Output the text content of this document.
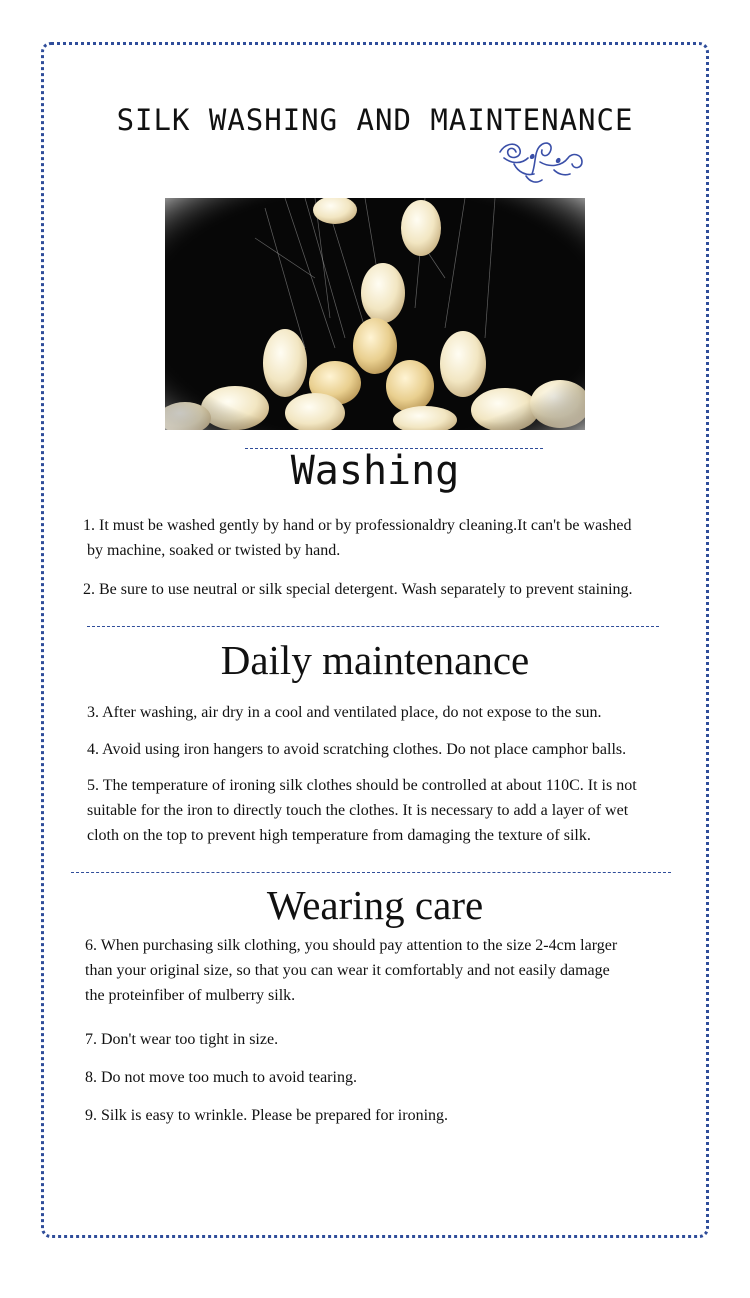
SILK WASHING AND MAINTENANCE
Washing

1. It must be washed gently by hand or by professionaldry cleaning.It can't be washed
by machine, soaked or twisted by hand.

2. Be sure to use neutral or silk special detergent. Wash separately to prevent staining.

Daily maintenance

3. After washing, air dry in a cool and ventilated place, do not expose to the sun.

4. Avoid using iron hangers to avoid scratching clothes. Do not place camphor balls.

5. The temperature of ironing silk clothes should be controlled at about 110C. It is not
suitable for the iron to directly touch the clothes. It is necessary to add a layer of wet
cloth on the top to prevent high temperature from damaging the texture of silk.

Wearing care

6. When purchasing silk clothing, you should pay attention to the size 2-4cm larger
than your original size, so that you can wear it comfortably and not easily damage
the proteinfiber of mulberry silk.

7. Don't wear too tight in size.

8. Do not move too much to avoid tearing.

9. Silk is easy to wrinkle. Please be prepared for ironing.
